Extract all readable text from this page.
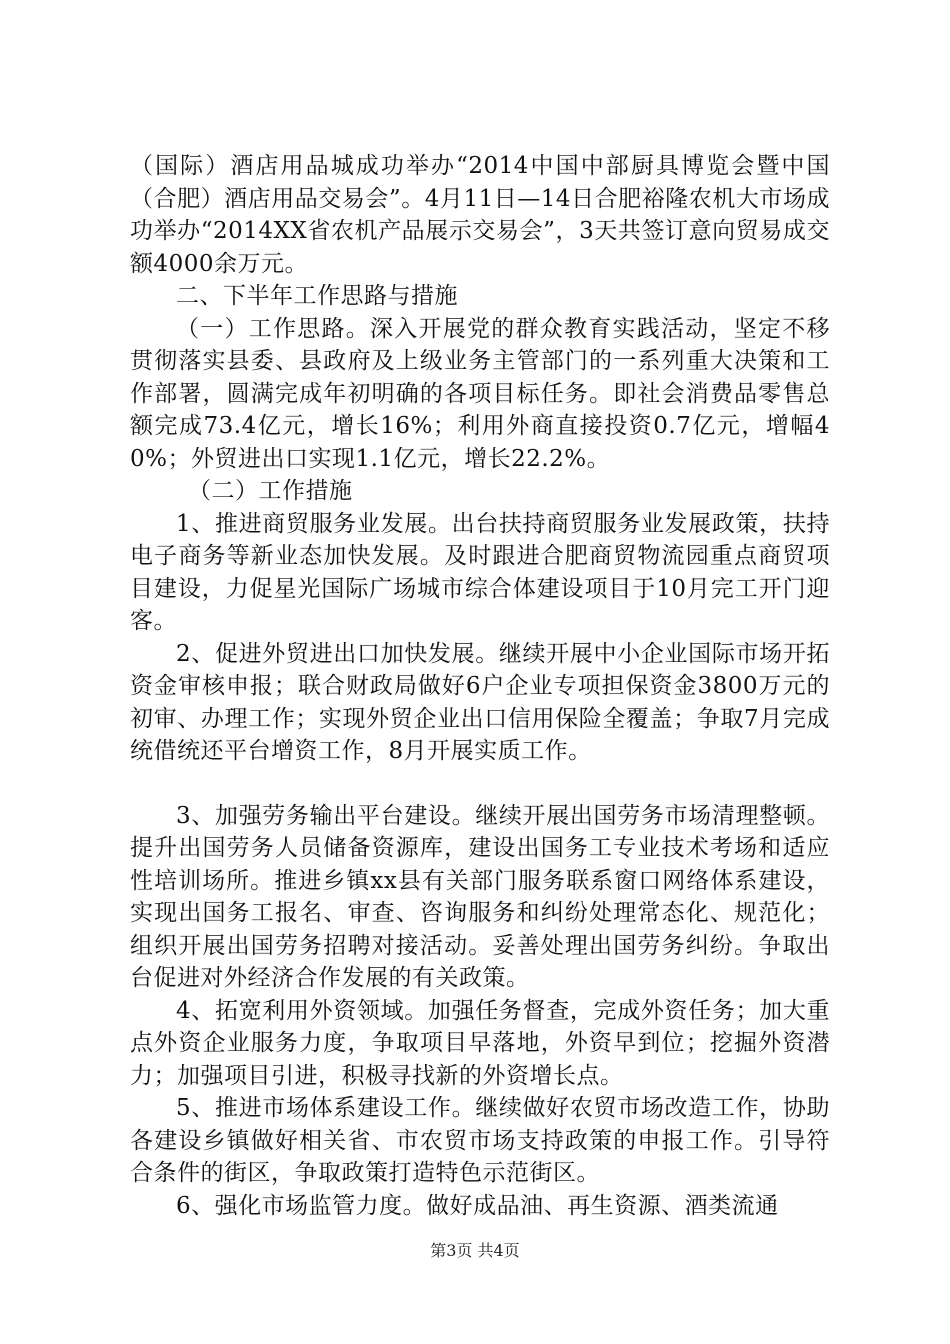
（国际）酒店用品城成功举办“2014中国中部厨具博览会暨中国（合肥）酒店用品交易会”。4月11日—14日合肥裕隆农机大市场成功举办“2014XX省农机产品展示交易会”，3天共签订意向贸易成交额4000余万元。

二、下半年工作思路与措施

（一）工作思路。深入开展党的群众教育实践活动，坚定不移贯彻落实县委、县政府及上级业务主管部门的一系列重大决策和工作部署，圆满完成年初明确的各项目标任务。即社会消费品零售总额完成73.4亿元，增长16%；利用外商直接投资0.7亿元，增幅40%；外贸进出口实现1.1亿元，增长22.2%。

（二）工作措施

1、推进商贸服务业发展。出台扶持商贸服务业发展政策，扶持电子商务等新业态加快发展。及时跟进合肥商贸物流园重点商贸项目建设，力促星光国际广场城市综合体建设项目于10月完工开门迎客。

2、促进外贸进出口加快发展。继续开展中小企业国际市场开拓资金审核申报；联合财政局做好6户企业专项担保资金3800万元的初审、办理工作；实现外贸企业出口信用保险全覆盖；争取7月完成统借统还平台增资工作，8月开展实质工作。

3、加强劳务输出平台建设。继续开展出国劳务市场清理整顿。提升出国劳务人员储备资源库，建设出国务工专业技术考场和适应性培训场所。推进乡镇xx县有关部门服务联系窗口网络体系建设，实现出国务工报名、审查、咨询服务和纠纷处理常态化、规范化；组织开展出国劳务招聘对接活动。妥善处理出国劳务纠纷。争取出台促进对外经济合作发展的有关政策。

4、拓宽利用外资领域。加强任务督查，完成外资任务；加大重点外资企业服务力度，争取项目早落地，外资早到位；挖掘外资潜力；加强项目引进，积极寻找新的外资增长点。

5、推进市场体系建设工作。继续做好农贸市场改造工作，协助各建设乡镇做好相关省、市农贸市场支持政策的申报工作。引导符合条件的街区，争取政策打造特色示范街区。

6、强化市场监管力度。做好成品油、再生资源、酒类流通

第3页 共4页
